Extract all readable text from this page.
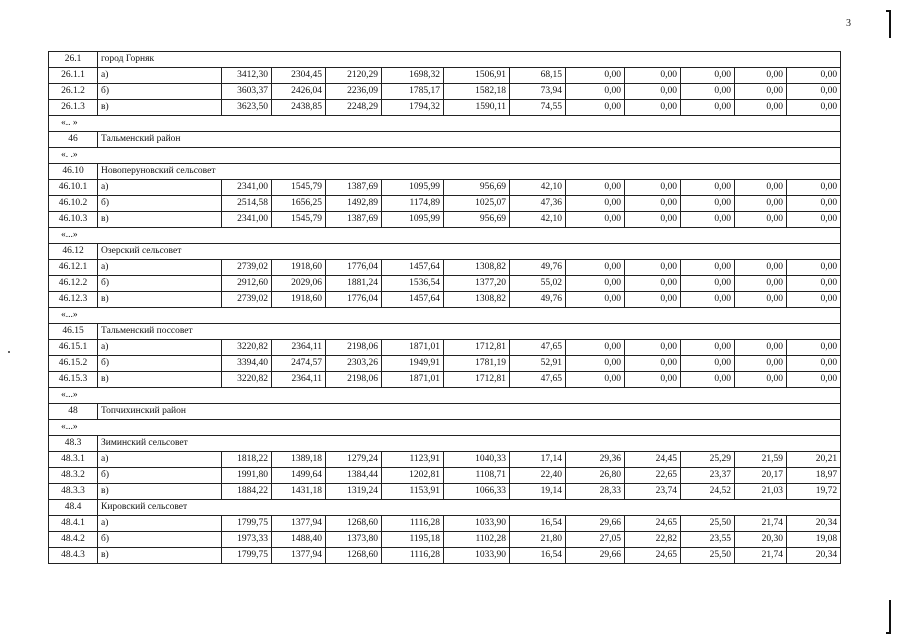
3
26.1	город Горняк											
26.1.1	а)	3412,30	2304,45	2120,29	1698,32	1506,91	68,15	0,00	0,00	0,00	0,00	0,00
26.1.2	б)	3603,37	2426,04	2236,09	1785,17	1582,18	73,94	0,00	0,00	0,00	0,00	0,00
26.1.3	в)	3623,50	2438,85	2248,29	1794,32	1590,11	74,55	0,00	0,00	0,00	0,00	0,00
«.. »												
46	Тальменский район											
«. .»												
46.10	Новоперуновский сельсовет											
46.10.1	а)	2341,00	1545,79	1387,69	1095,99	956,69	42,10	0,00	0,00	0,00	0,00	0,00
46.10.2	б)	2514,58	1656,25	1492,89	1174,89	1025,07	47,36	0,00	0,00	0,00	0,00	0,00
46.10.3	в)	2341,00	1545,79	1387,69	1095,99	956,69	42,10	0,00	0,00	0,00	0,00	0,00
«...»												
46.12	Озерский сельсовет											
46.12.1	а)	2739,02	1918,60	1776,04	1457,64	1308,82	49,76	0,00	0,00	0,00	0,00	0,00
46.12.2	б)	2912,60	2029,06	1881,24	1536,54	1377,20	55,02	0,00	0,00	0,00	0,00	0,00
46.12.3	в)	2739,02	1918,60	1776,04	1457,64	1308,82	49,76	0,00	0,00	0,00	0,00	0,00
«...»												
46.15	Тальменский поссовет											
46.15.1	а)	3220,82	2364,11	2198,06	1871,01	1712,81	47,65	0,00	0,00	0,00	0,00	0,00
46.15.2	б)	3394,40	2474,57	2303,26	1949,91	1781,19	52,91	0,00	0,00	0,00	0,00	0,00
46.15.3	в)	3220,82	2364,11	2198,06	1871,01	1712,81	47,65	0,00	0,00	0,00	0,00	0,00
«...»												
48	Топчихинский район											
«...»												
48.3	Зиминский сельсовет											
48.3.1	а)	1818,22	1389,18	1279,24	1123,91	1040,33	17,14	29,36	24,45	25,29	21,59	20,21
48.3.2	б)	1991,80	1499,64	1384,44	1202,81	1108,71	22,40	26,80	22,65	23,37	20,17	18,97
48.3.3	в)	1884,22	1431,18	1319,24	1153,91	1066,33	19,14	28,33	23,74	24,52	21,03	19,72
48.4	Кировский сельсовет											
48.4.1	а)	1799,75	1377,94	1268,60	1116,28	1033,90	16,54	29,66	24,65	25,50	21,74	20,34
48.4.2	б)	1973,33	1488,40	1373,80	1195,18	1102,28	21,80	27,05	22,82	23,55	20,30	19,08
48.4.3	в)	1799,75	1377,94	1268,60	1116,28	1033,90	16,54	29,66	24,65	25,50	21,74	20,34
